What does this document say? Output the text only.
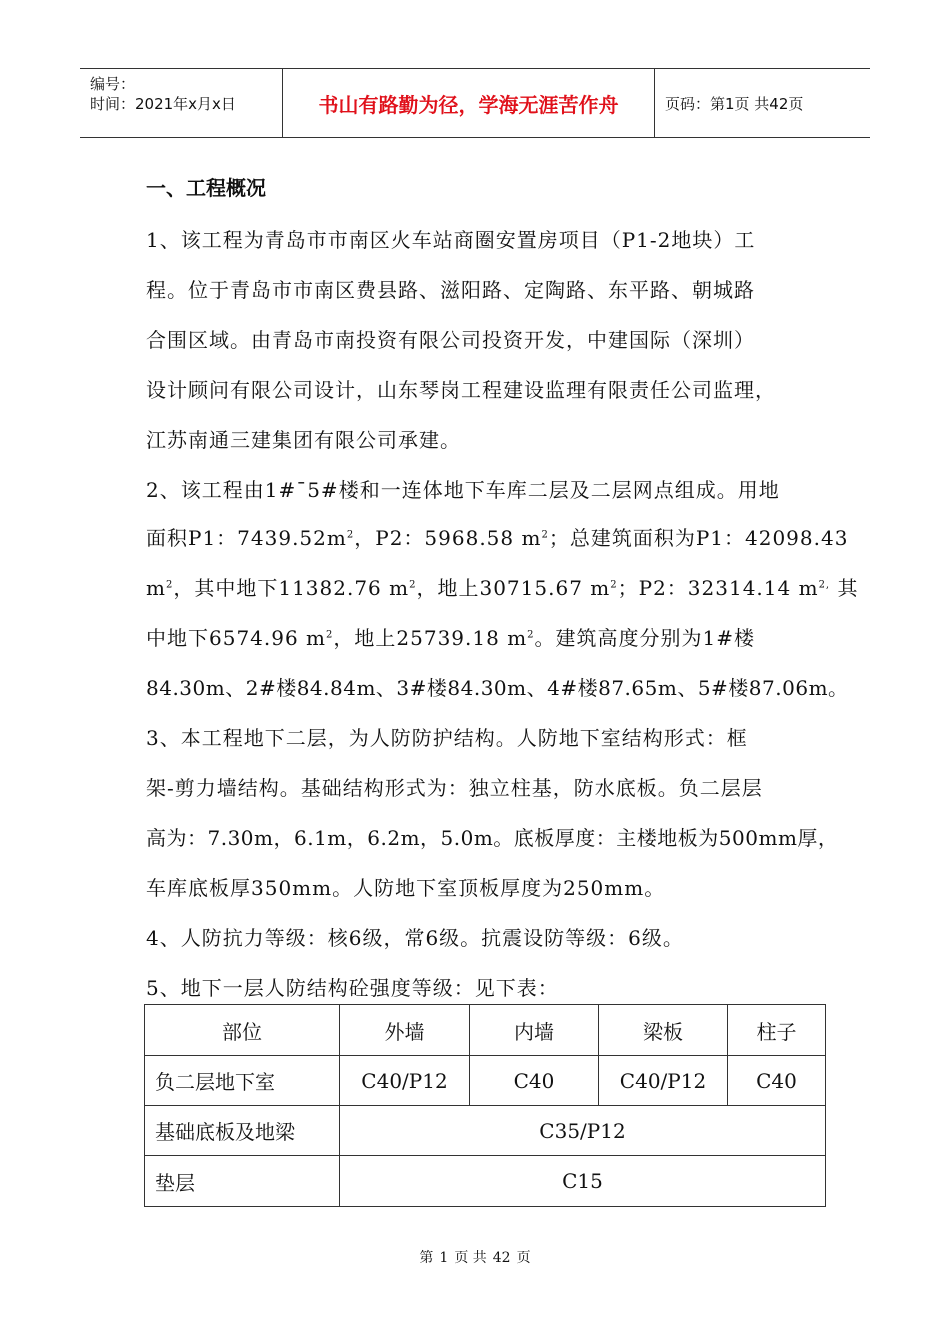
编号：
时间：2021年x月x日	书山有路勤为径，学海无涯苦作舟	页码：第1页 共42页
一、工程概况
1、该工程为青岛市市南区火车站商圈安置房项目（P1-2地块）工
程。位于青岛市市南区费县路、滋阳路、定陶路、东平路、朝城路
合围区域。由青岛市南投资有限公司投资开发，中建国际（深圳）
设计顾问有限公司设计，山东琴岗工程建设监理有限责任公司监理，
江苏南通三建集团有限公司承建。
2、该工程由1#¯5#楼和一连体地下车库二层及二层网点组成。用地
面积P1：$7439.52m^2$，P2：5968.58 $m^2$；总建筑面积为P1：42098.43
$m^2$，其中地下11382.76 $m^2$，地上30715.67 $m^2$；P2：32314.14 $m^{2,}$ 其
中地下6574.96 $m^2$，地上25739.18 $m^2$。建筑高度分别为1#楼
84.30m、2#楼84.84m、3#楼84.30m、4#楼87.65m、5#楼87.06m。
3、本工程地下二层，为人防防护结构。人防地下室结构形式：框
架-剪力墙结构。基础结构形式为：独立柱基，防水底板。负二层层
高为：7.30m，6.1m，6.2m，5.0m。底板厚度：主楼地板为500mm厚，
车库底板厚350mm。人防地下室顶板厚度为250mm。
4、人防抗力等级：核6级，常6级。抗震设防等级：6级。
5、地下一层人防结构砼强度等级：见下表：
部位	外墙	内墙	梁板	柱子
负二层地下室	C40/P12	C40	C40/P12	C40
基础底板及地梁	C35/P12
垫层	C15
第 1 页 共 42 页
